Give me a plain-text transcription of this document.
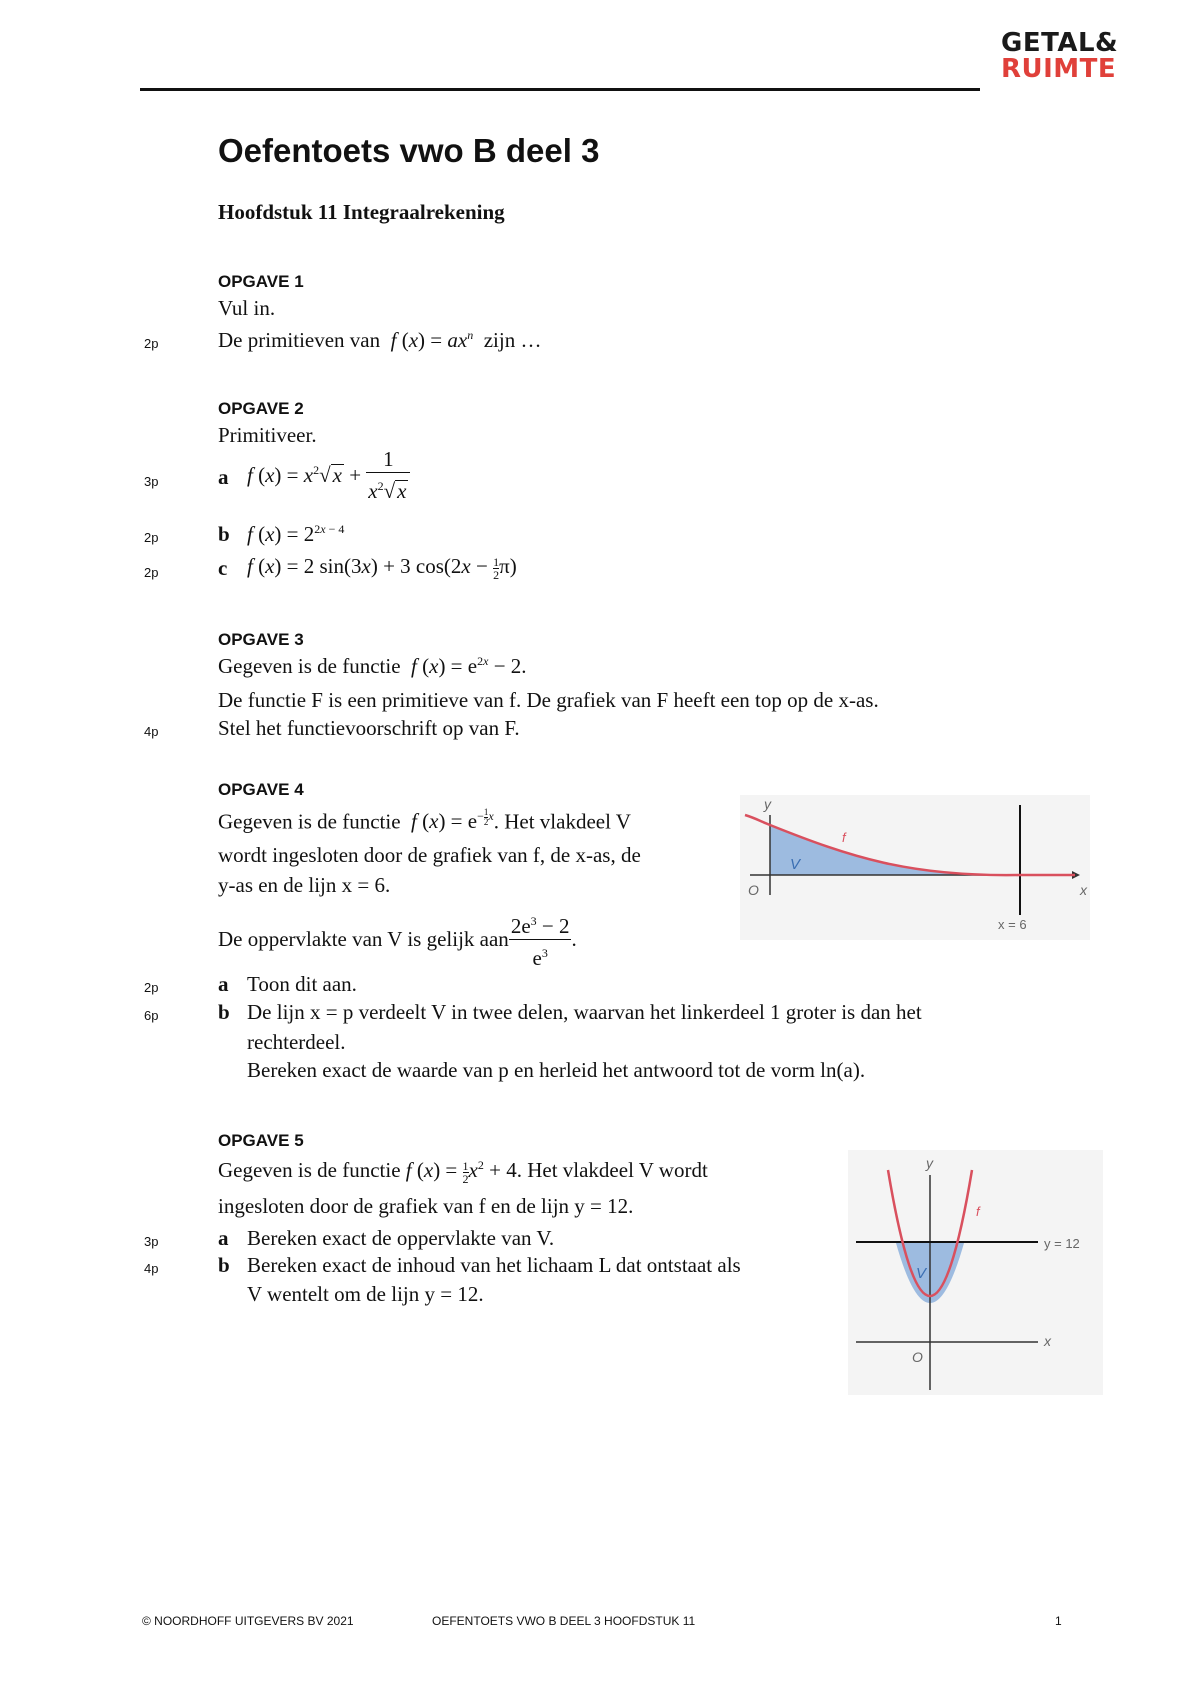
GETAL&
RUIMTE
Oefentoets vwo B deel 3
Hoofdstuk 11 Integraalrekening
OPGAVE 1
Vul in.
2p	De primitieven van f $(x) = ax^n$ zijn …
OPGAVE 2
Primitiveer.
3p	a f $(x) = x^2√x + \frac{1}{x^2√x}$
2p	b f $(x) = 2^{2x - 4}$
2p	c f (x) = 2 sin(3x) + 3 $\cos(2x - \frac{1}{2} \pi)$
OPGAVE 3
Gegeven is de functie f $(x) = e^{2x} - 2$.
De functie F is een primitieve van f. De grafiek van F heeft een top op de x-as.
4p	Stel het functievoorschrift op van F.
OPGAVE 4
Gegeven is de functie f $(x) = e^{- \frac{1}{2} x}$. Het vlakdeel V
wordt ingesloten door de grafiek van f, de x-as, de
y-as en de lijn x = 6.
De oppervlakte van V is gelijk aan $\frac{2e^3 - 2}{e^3}$ .
2p	a Toon dit aan.
6p	b De lijn x = p verdeelt V in twee delen, waarvan het linkerdeel 1 groter is dan het
rechterdeel.
Bereken exact de waarde van p en herleid het antwoord tot de vorm ln(a).
y
x
O
f
V
x = 6
OPGAVE 5
Gegeven is de functie f $(x) = \frac{1}{2} x^2 + 4$. Het vlakdeel V wordt
ingesloten door de grafiek van f en de lijn y = 12.
3p	a Bereken exact de oppervlakte van V.
4p	b Bereken exact de inhoud van het lichaam L dat ontstaat als
V wentelt om de lijn y = 12.
y
x
O
f
V
y = 12
© NOORDHOFF UITGEVERS BV 2021	OEFENTOETS VWO B DEEL 3 HOOFDSTUK 11	1
